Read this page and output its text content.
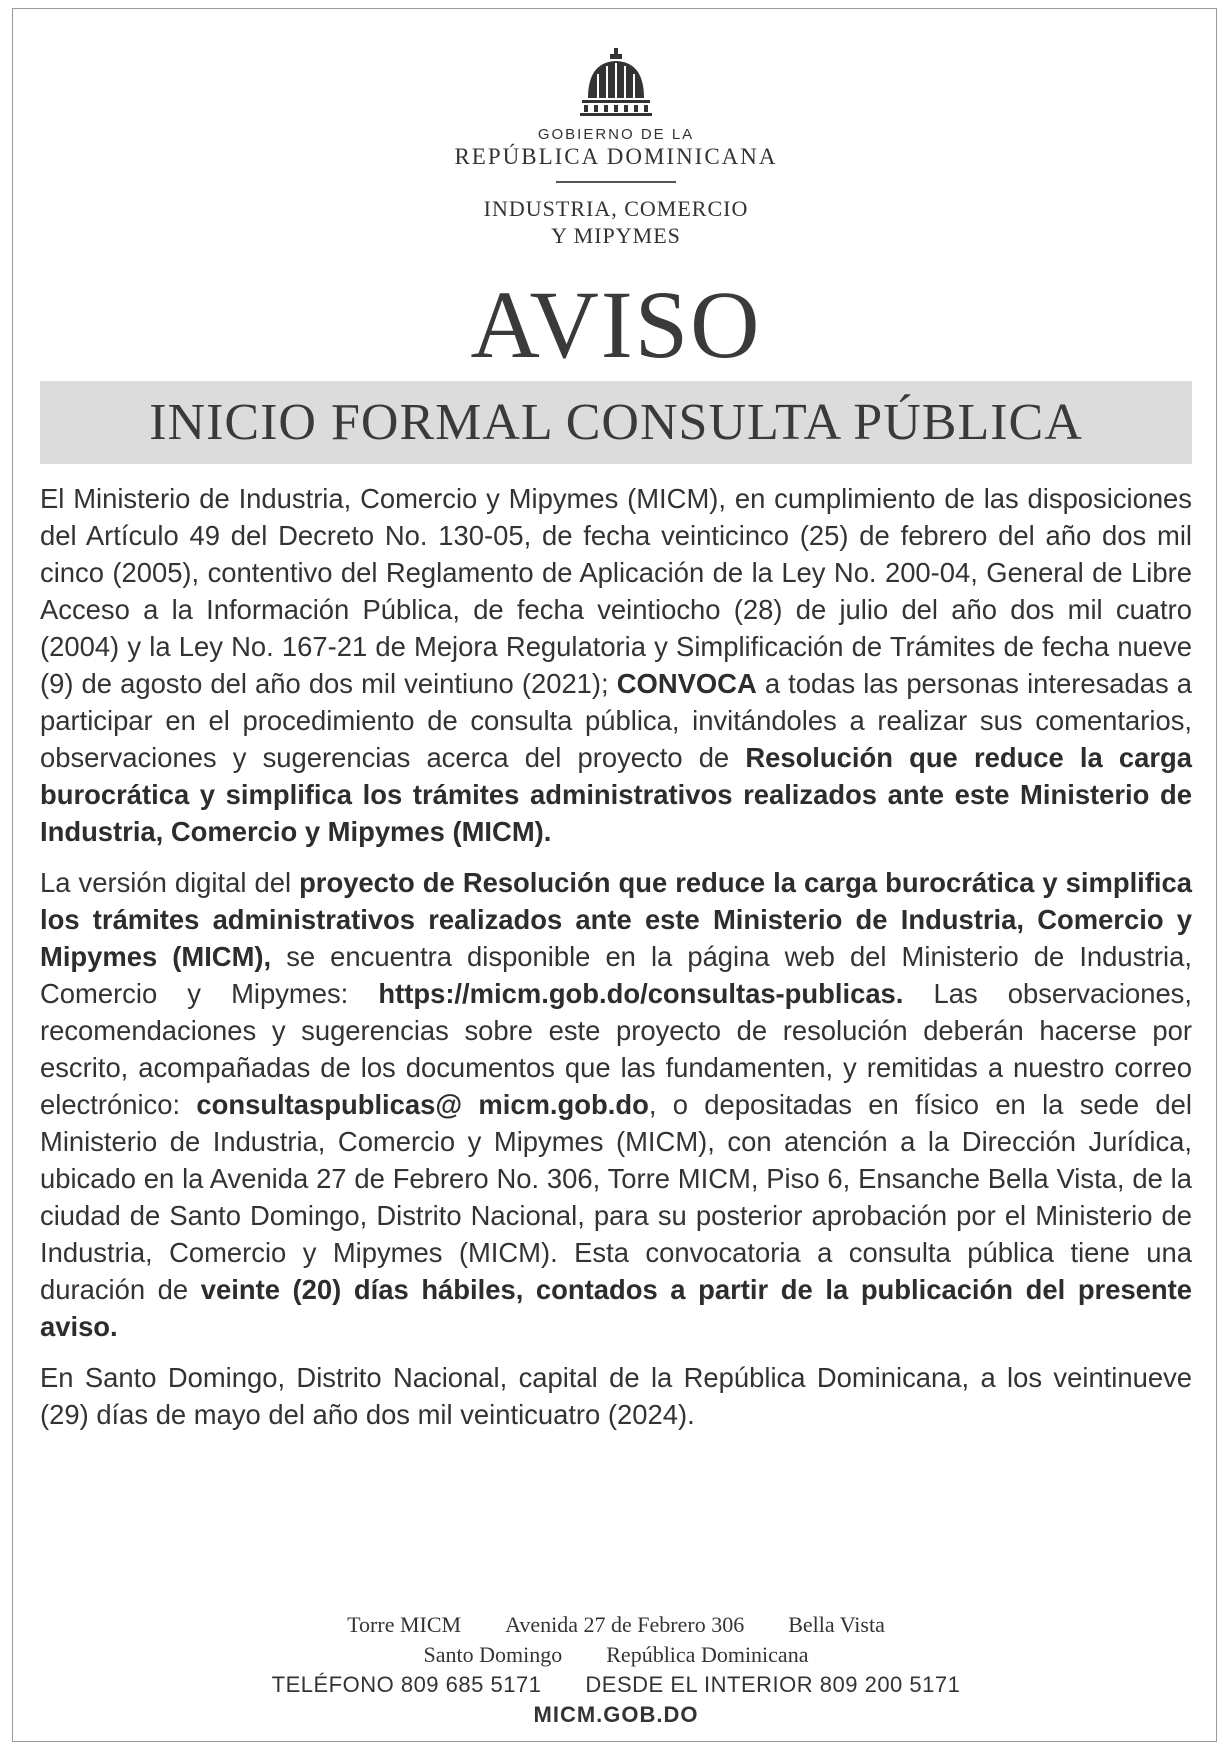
GOBIERNO DE LA
REPÚBLICA DOMINICANA
INDUSTRIA, COMERCIO
Y MIPYMES
AVISO
INICIO FORMAL CONSULTA PÚBLICA

El Ministerio de Industria, Comercio y Mipymes (MICM), en cumplimiento de las disposiciones del Artículo 49 del Decreto No. 130-05, de fecha veinticinco (25) de febrero del año dos mil cinco (2005), contentivo del Reglamento de Aplicación de la Ley No. 200-04, General de Libre Acceso a la Información Pública, de fecha veintiocho (28) de julio del año dos mil cuatro (2004) y la Ley No. 167-21 de Mejora Regulatoria y Simplificación de Trámites de fecha nueve (9) de agosto del año dos mil veintiuno (2021); CONVOCA a todas las personas interesadas a participar en el procedimiento de consulta pública, invitándoles a realizar sus comentarios, observaciones y sugerencias acerca del proyecto de Resolución que reduce la carga burocrática y simplifica los trámites administrativos realizados ante este Ministerio de Industria, Comercio y Mipymes (MICM).

La versión digital del proyecto de Resolución que reduce la carga burocrática y simplifica los trámites administrativos realizados ante este Ministerio de Industria, Comercio y Mipymes (MICM), se encuentra disponible en la página web del Ministerio de Industria, Comercio y Mipymes: https://micm.gob.do/consultas-publicas. Las observaciones, recomendaciones y sugerencias sobre este proyecto de resolución deberán hacerse por escrito, acompañadas de los documentos que las fundamenten, y remitidas a nuestro correo electrónico: consultaspublicas@ micm.gob.do, o depositadas en físico en la sede del Ministerio de Industria, Comercio y Mipymes (MICM), con atención a la Dirección Jurídica, ubicado en la Avenida 27 de Febrero No. 306, Torre MICM, Piso 6, Ensanche Bella Vista, de la ciudad de Santo Domingo, Distrito Nacional, para su posterior aprobación por el Ministerio de Industria, Comercio y Mipymes (MICM). Esta convocatoria a consulta pública tiene una duración de veinte (20) días hábiles, contados a partir de la publicación del presente aviso.

En Santo Domingo, Distrito Nacional, capital de la República Dominicana, a los veintinueve (29) días de mayo del año dos mil veinticuatro (2024).

Torre MICM Avenida 27 de Febrero 306 Bella Vista
Santo Domingo República Dominicana
TELÉFONO 809 685 5171 DESDE EL INTERIOR 809 200 5171
MICM.GOB.DO
